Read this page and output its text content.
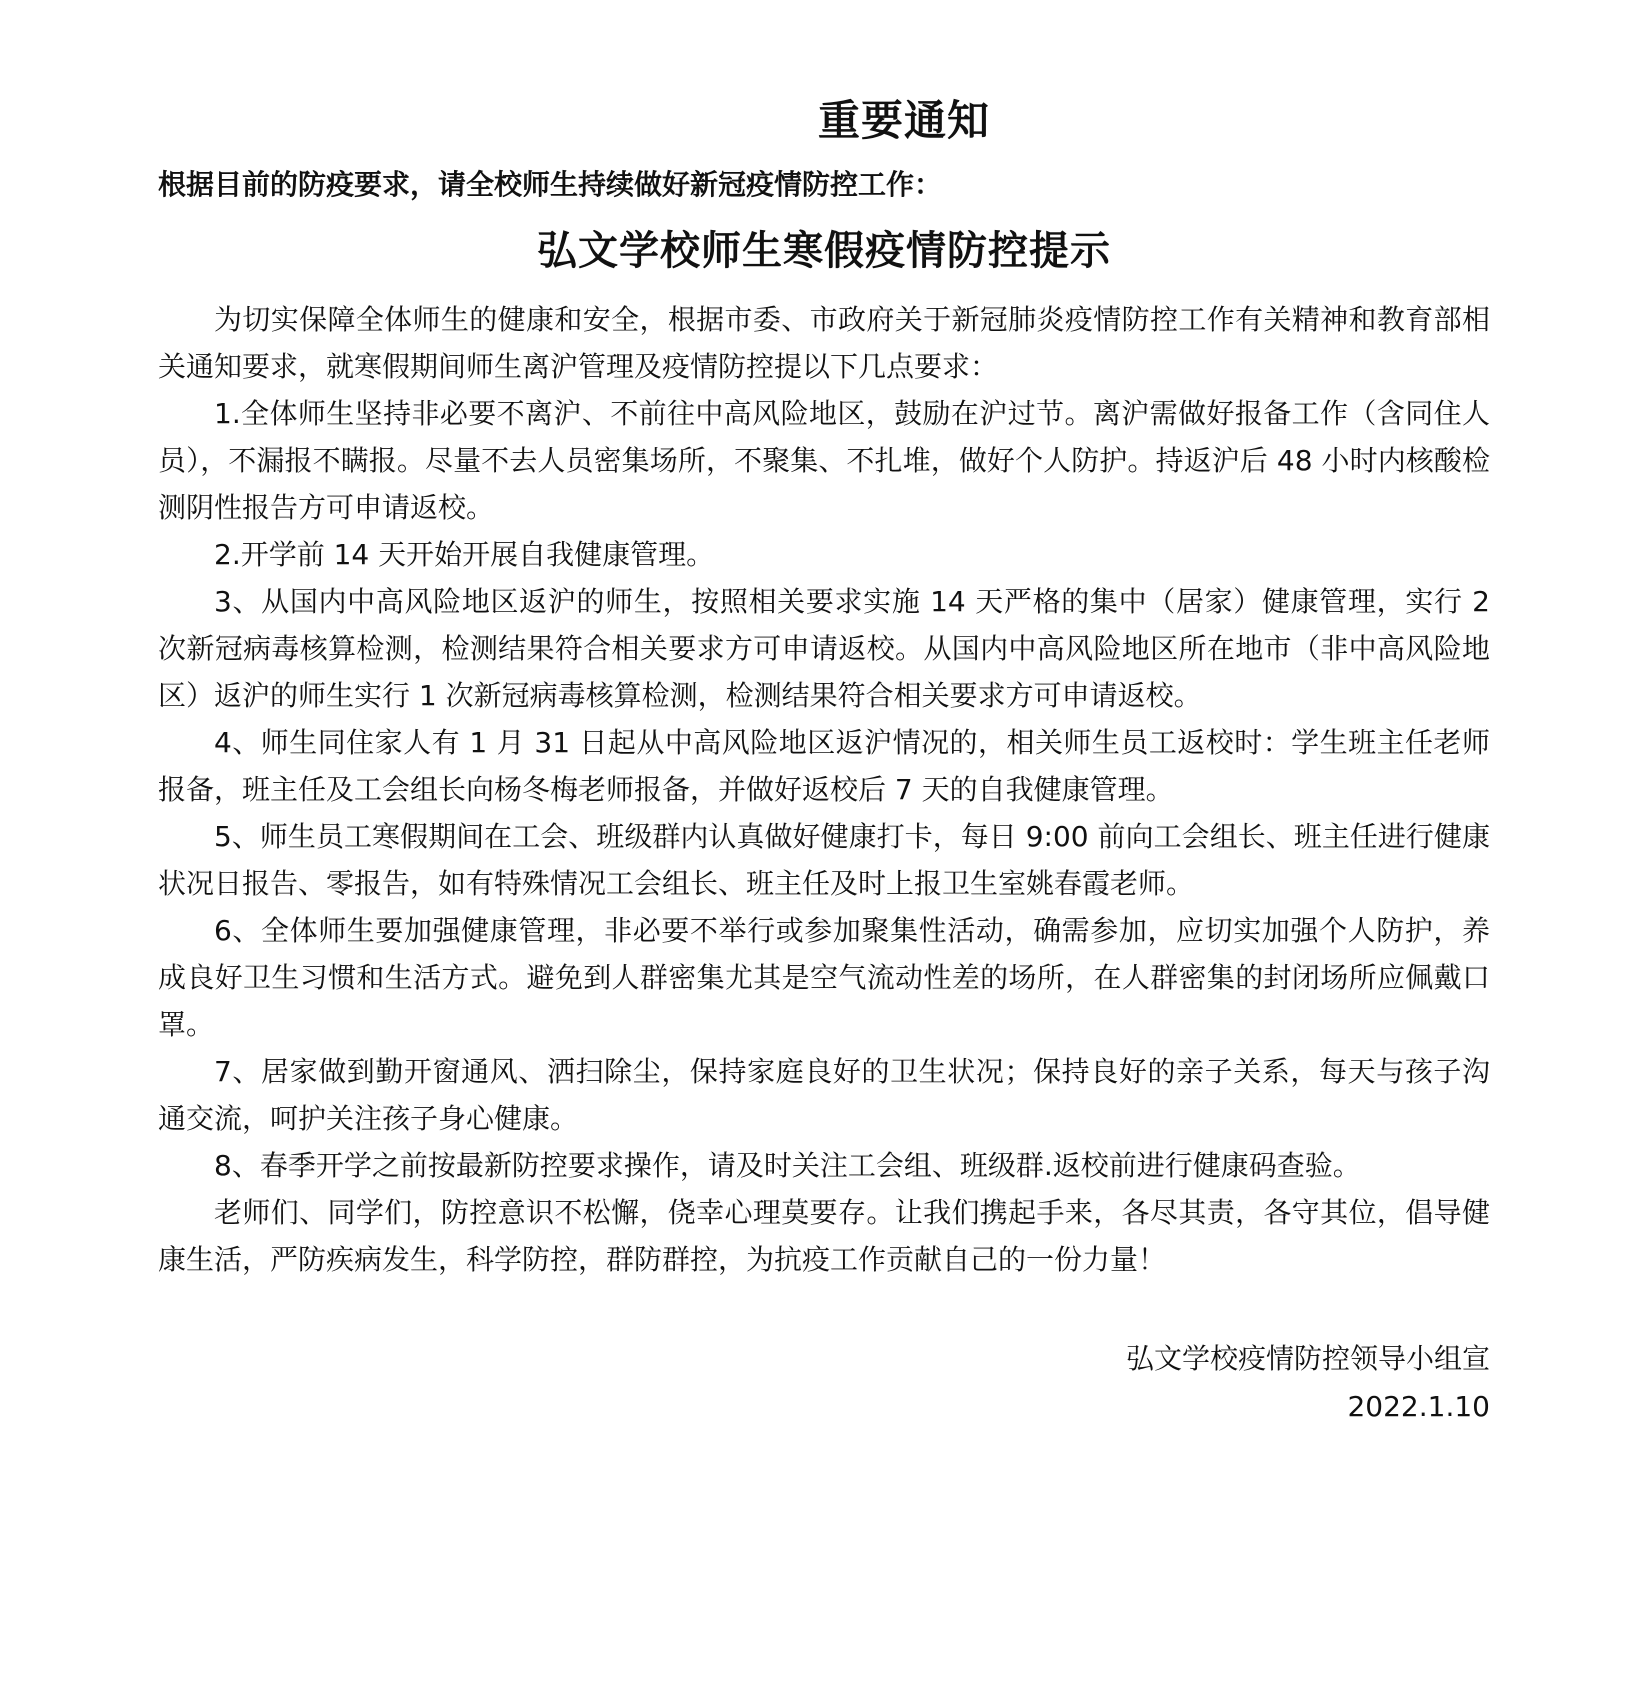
重要通知
根据目前的防疫要求，请全校师生持续做好新冠疫情防控工作：
弘文学校师生寒假疫情防控提示

为切实保障全体师生的健康和安全，根据市委、市政府关于新冠肺炎疫情防控工作有关精神和教育部相关通知要求，就寒假期间师生离沪管理及疫情防控提以下几点要求：

1.全体师生坚持非必要不离沪、不前往中高风险地区，鼓励在沪过节。离沪需做好报备工作（含同住人员），不漏报不瞒报。尽量不去人员密集场所，不聚集、不扎堆，做好个人防护。持返沪后 48 小时内核酸检测阴性报告方可申请返校。

2.开学前 14 天开始开展自我健康管理。

3、从国内中高风险地区返沪的师生，按照相关要求实施 14 天严格的集中（居家）健康管理，实行 2 次新冠病毒核算检测，检测结果符合相关要求方可申请返校。从国内中高风险地区所在地市（非中高风险地区）返沪的师生实行 1 次新冠病毒核算检测，检测结果符合相关要求方可申请返校。

4、师生同住家人有 1 月 31 日起从中高风险地区返沪情况的，相关师生员工返校时：学生班主任老师报备，班主任及工会组长向杨冬梅老师报备，并做好返校后 7 天的自我健康管理。

5、师生员工寒假期间在工会、班级群内认真做好健康打卡，每日 9:00 前向工会组长、班主任进行健康状况日报告、零报告，如有特殊情况工会组长、班主任及时上报卫生室姚春霞老师。

6、全体师生要加强健康管理，非必要不举行或参加聚集性活动，确需参加，应切实加强个人防护，养成良好卫生习惯和生活方式。避免到人群密集尤其是空气流动性差的场所，在人群密集的封闭场所应佩戴口罩。

7、居家做到勤开窗通风、洒扫除尘，保持家庭良好的卫生状况；保持良好的亲子关系，每天与孩子沟通交流，呵护关注孩子身心健康。

8、春季开学之前按最新防控要求操作，请及时关注工会组、班级群.返校前进行健康码查验。

老师们、同学们，防控意识不松懈，侥幸心理莫要存。让我们携起手来，各尽其责，各守其位，倡导健康生活，严防疾病发生，科学防控，群防群控，为抗疫工作贡献自己的一份力量！

弘文学校疫情防控领导小组宣
2022.1.10
